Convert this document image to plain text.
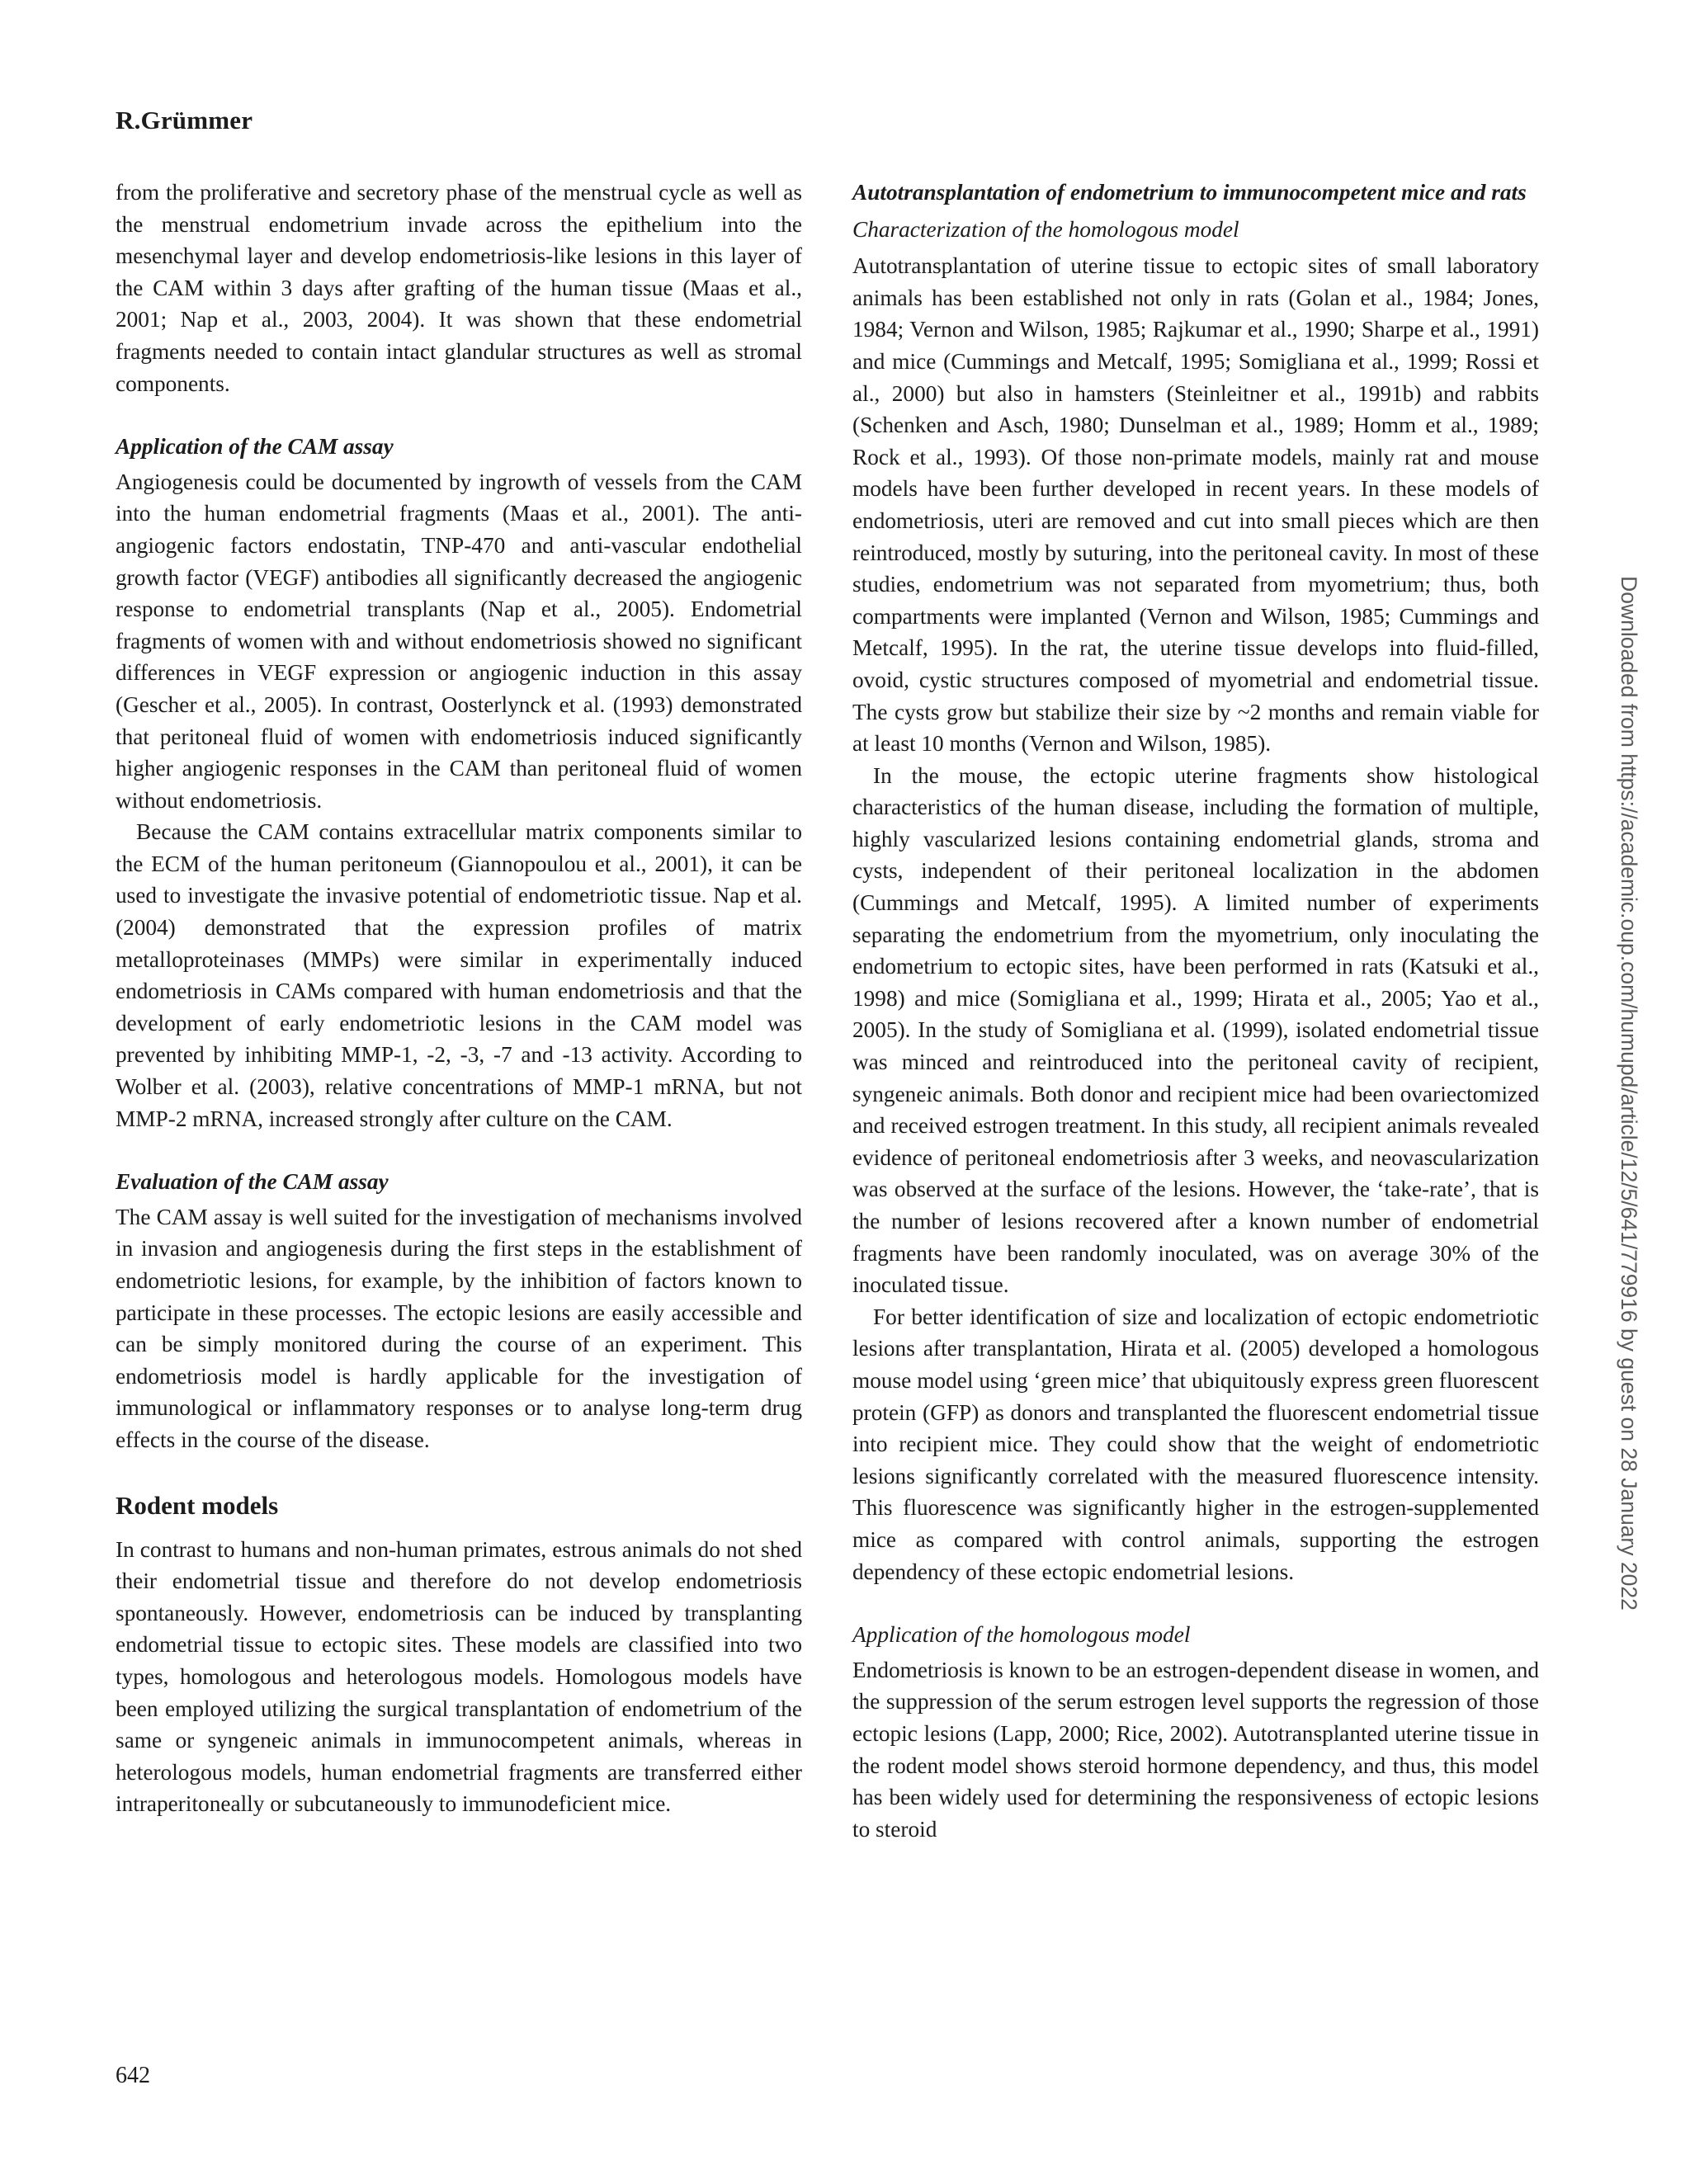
R.Grümmer

from the proliferative and secretory phase of the menstrual cycle as well as the menstrual endometrium invade across the epithelium into the mesenchymal layer and develop endometriosis-like lesions in this layer of the CAM within 3 days after grafting of the human tissue (Maas et al., 2001; Nap et al., 2003, 2004). It was shown that these endometrial fragments needed to contain intact glandular structures as well as stromal components.

Application of the CAM assay

Angiogenesis could be documented by ingrowth of vessels from the CAM into the human endometrial fragments (Maas et al., 2001). The anti-angiogenic factors endostatin, TNP-470 and anti-vascular endothelial growth factor (VEGF) antibodies all significantly decreased the angiogenic response to endometrial transplants (Nap et al., 2005). Endometrial fragments of women with and without endometriosis showed no significant differences in VEGF expression or angiogenic induction in this assay (Gescher et al., 2005). In contrast, Oosterlynck et al. (1993) demonstrated that peritoneal fluid of women with endometriosis induced significantly higher angiogenic responses in the CAM than peritoneal fluid of women without endometriosis.

Because the CAM contains extracellular matrix components similar to the ECM of the human peritoneum (Giannopoulou et al., 2001), it can be used to investigate the invasive potential of endometriotic tissue. Nap et al. (2004) demonstrated that the expression profiles of matrix metalloproteinases (MMPs) were similar in experimentally induced endometriosis in CAMs compared with human endometriosis and that the development of early endometriotic lesions in the CAM model was prevented by inhibiting MMP-1, -2, -3, -7 and -13 activity. According to Wolber et al. (2003), relative concentrations of MMP-1 mRNA, but not MMP-2 mRNA, increased strongly after culture on the CAM.

Evaluation of the CAM assay

The CAM assay is well suited for the investigation of mechanisms involved in invasion and angiogenesis during the first steps in the establishment of endometriotic lesions, for example, by the inhibition of factors known to participate in these processes. The ectopic lesions are easily accessible and can be simply monitored during the course of an experiment. This endometriosis model is hardly applicable for the investigation of immunological or inflammatory responses or to analyse long-term drug effects in the course of the disease.

Rodent models

In contrast to humans and non-human primates, estrous animals do not shed their endometrial tissue and therefore do not develop endometriosis spontaneously. However, endometriosis can be induced by transplanting endometrial tissue to ectopic sites. These models are classified into two types, homologous and heterologous models. Homologous models have been employed utilizing the surgical transplantation of endometrium of the same or syngeneic animals in immunocompetent animals, whereas in heterologous models, human endometrial fragments are transferred either intraperitoneally or subcutaneously to immunodeficient mice.

Autotransplantation of endometrium to immunocompetent mice and rats

Characterization of the homologous model

Autotransplantation of uterine tissue to ectopic sites of small laboratory animals has been established not only in rats (Golan et al., 1984; Jones, 1984; Vernon and Wilson, 1985; Rajkumar et al., 1990; Sharpe et al., 1991) and mice (Cummings and Metcalf, 1995; Somigliana et al., 1999; Rossi et al., 2000) but also in hamsters (Steinleitner et al., 1991b) and rabbits (Schenken and Asch, 1980; Dunselman et al., 1989; Homm et al., 1989; Rock et al., 1993). Of those non-primate models, mainly rat and mouse models have been further developed in recent years. In these models of endometriosis, uteri are removed and cut into small pieces which are then reintroduced, mostly by suturing, into the peritoneal cavity. In most of these studies, endometrium was not separated from myometrium; thus, both compartments were implanted (Vernon and Wilson, 1985; Cummings and Metcalf, 1995). In the rat, the uterine tissue develops into fluid-filled, ovoid, cystic structures composed of myometrial and endometrial tissue. The cysts grow but stabilize their size by ~2 months and remain viable for at least 10 months (Vernon and Wilson, 1985).

In the mouse, the ectopic uterine fragments show histological characteristics of the human disease, including the formation of multiple, highly vascularized lesions containing endometrial glands, stroma and cysts, independent of their peritoneal localization in the abdomen (Cummings and Metcalf, 1995). A limited number of experiments separating the endometrium from the myometrium, only inoculating the endometrium to ectopic sites, have been performed in rats (Katsuki et al., 1998) and mice (Somigliana et al., 1999; Hirata et al., 2005; Yao et al., 2005). In the study of Somigliana et al. (1999), isolated endometrial tissue was minced and reintroduced into the peritoneal cavity of recipient, syngeneic animals. Both donor and recipient mice had been ovariectomized and received estrogen treatment. In this study, all recipient animals revealed evidence of peritoneal endometriosis after 3 weeks, and neovascularization was observed at the surface of the lesions. However, the ‘take-rate’, that is the number of lesions recovered after a known number of endometrial fragments have been randomly inoculated, was on average 30% of the inoculated tissue.

For better identification of size and localization of ectopic endometriotic lesions after transplantation, Hirata et al. (2005) developed a homologous mouse model using ‘green mice’ that ubiquitously express green fluorescent protein (GFP) as donors and transplanted the fluorescent endometrial tissue into recipient mice. They could show that the weight of endometriotic lesions significantly correlated with the measured fluorescence intensity. This fluorescence was significantly higher in the estrogen-supplemented mice as compared with control animals, supporting the estrogen dependency of these ectopic endometrial lesions.

Application of the homologous model

Endometriosis is known to be an estrogen-dependent disease in women, and the suppression of the serum estrogen level supports the regression of those ectopic lesions (Lapp, 2000; Rice, 2002). Autotransplanted uterine tissue in the rodent model shows steroid hormone dependency, and thus, this model has been widely used for determining the responsiveness of ectopic lesions to steroid

642
Downloaded from https://academic.oup.com/humupd/article/12/5/641/779916 by guest on 28 January 2022
